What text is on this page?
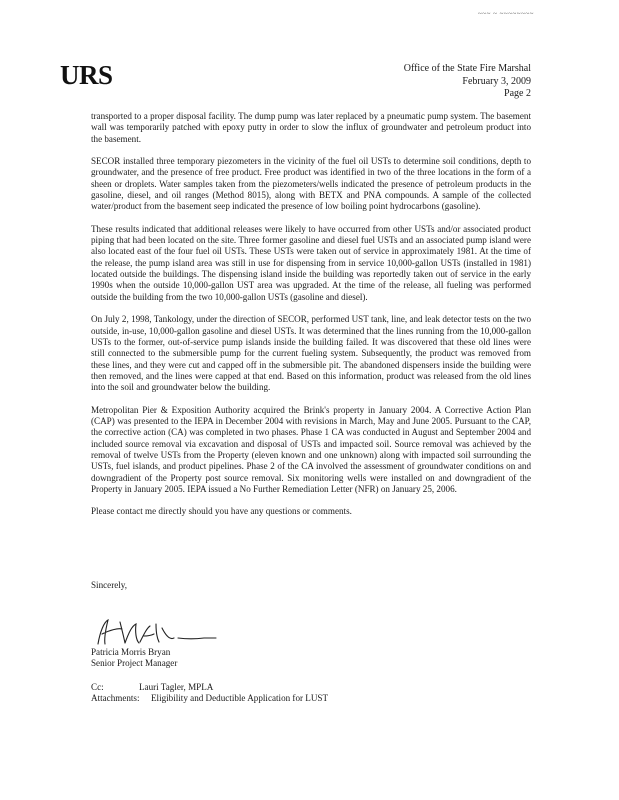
~~~ ~ ~~~~~~~~
URS	Office of the State Fire Marshal
February 3, 2009
Page 2

transported to a proper disposal facility. The dump pump was later replaced by a pneumatic pump system. The basement wall was temporarily patched with epoxy putty in order to slow the influx of groundwater and petroleum product into the basement.

SECOR installed three temporary piezometers in the vicinity of the fuel oil USTs to determine soil conditions, depth to groundwater, and the presence of free product. Free product was identified in two of the three locations in the form of a sheen or droplets. Water samples taken from the piezometers/wells indicated the presence of petroleum products in the gasoline, diesel, and oil ranges (Method 8015), along with BETX and PNA compounds. A sample of the collected water/product from the basement seep indicated the presence of low boiling point hydrocarbons (gasoline).

These results indicated that additional releases were likely to have occurred from other USTs and/or associated product piping that had been located on the site. Three former gasoline and diesel fuel USTs and an associated pump island were also located east of the four fuel oil USTs. These USTs were taken out of service in approximately 1981. At the time of the release, the pump island area was still in use for dispensing from in service 10,000-gallon USTs (installed in 1981) located outside the buildings. The dispensing island inside the building was reportedly taken out of service in the early 1990s when the outside 10,000-gallon UST area was upgraded. At the time of the release, all fueling was performed outside the building from the two 10,000-gallon USTs (gasoline and diesel).

On July 2, 1998, Tankology, under the direction of SECOR, performed UST tank, line, and leak detector tests on the two outside, in-use, 10,000-gallon gasoline and diesel USTs. It was determined that the lines running from the 10,000-gallon USTs to the former, out-of-service pump islands inside the building failed. It was discovered that these old lines were still connected to the submersible pump for the current fueling system. Subsequently, the product was removed from these lines, and they were cut and capped off in the submersible pit. The abandoned dispensers inside the building were then removed, and the lines were capped at that end. Based on this information, product was released from the old lines into the soil and groundwater below the building.

Metropolitan Pier & Exposition Authority acquired the Brink's property in January 2004. A Corrective Action Plan (CAP) was presented to the IEPA in December 2004 with revisions in March, May and June 2005. Pursuant to the CAP, the corrective action (CA) was completed in two phases. Phase 1 CA was conducted in August and September 2004 and included source removal via excavation and disposal of USTs and impacted soil. Source removal was achieved by the removal of twelve USTs from the Property (eleven known and one unknown) along with impacted soil surrounding the USTs, fuel islands, and product pipelines. Phase 2 of the CA involved the assessment of groundwater conditions on and downgradient of the Property post source removal. Six monitoring wells were installed on and downgradient of the Property in January 2005. IEPA issued a No Further Remediation Letter (NFR) on January 25, 2006.

Please contact me directly should you have any questions or comments.

Sincerely,
Patricia Morris Bryan
Senior Project Manager
Cc:	Lauri Tagler, MPLA
Attachments:	Eligibility and Deductible Application for LUST
